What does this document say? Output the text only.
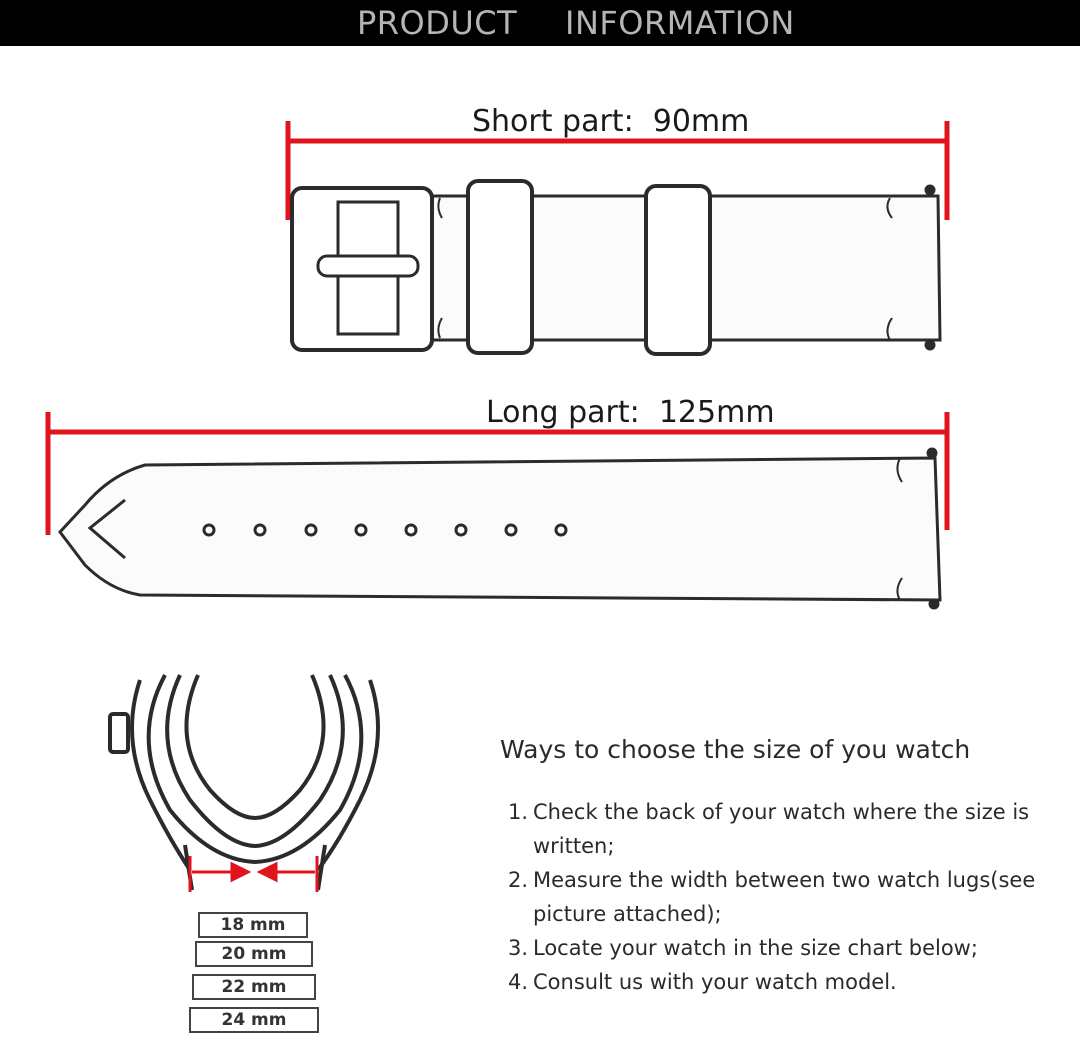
PRODUCT INFORMATION
Short part:  90mm
Long part:  125mm
18 mm
20 mm
22 mm
24 mm
Ways to choose the size of you watch
1. Check the back of your watch where the size is written;
2. Measure the width between two watch lugs(see picture attached);
3. Locate your watch in the size chart below;
4. Consult us with your watch model.
